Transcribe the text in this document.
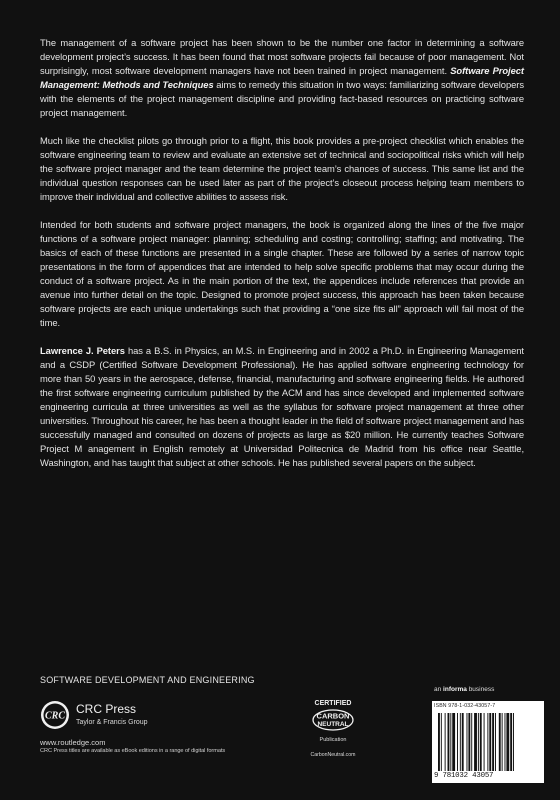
The management of a software project has been shown to be the number one factor in determining a software development project’s success. It has been found that most software projects fail because of poor management. Not surprisingly, most software development managers have not been trained in project management. Software Project Management: Methods and Techniques aims to remedy this situation in two ways: familiarizing software developers with the elements of the project management discipline and providing fact-based resources on practicing software project management.

Much like the checklist pilots go through prior to a flight, this book provides a pre-project checklist which enables the software engineering team to review and evaluate an extensive set of technical and sociopolitical risks which will help the software project manager and the team determine the project team’s chances of success. This same list and the individual question responses can be used later as part of the project’s closeout process helping team members to improve their individual and collective abilities to assess risk.

Intended for both students and software project managers, the book is organized along the lines of the five major functions of a software project manager: planning; scheduling and costing; controlling; staffing; and motivating. The basics of each of these functions are presented in a single chapter. These are followed by a series of narrow topic presentations in the form of appendices that are intended to help solve specific problems that may occur during the conduct of a software project. As in the main portion of the text, the appendices include references that provide an avenue into further detail on the topic. Designed to promote project success, this approach has been taken because software projects are each unique undertakings such that providing a “one size fits all” approach will fail most of the time.

Lawrence J. Peters has a B.S. in Physics, an M.S. in Engineering and in 2002 a Ph.D. in Engineering Management and a CSDP (Certified Software Development Professional). He has applied software engineering technology for more than 50 years in the aerospace, defense, financial, manufacturing and software engineering fields. He authored the first software engineering curriculum published by the ACM and has since developed and implemented software engineering curricula at three universities as well as the syllabus for software project management at three other universities. Throughout his career, he has been a thought leader in the field of software project management and has successfully managed and consulted on dozens of projects as large as $20 million. He currently teaches Software Project M anagement in English remotely at Universidad Politecnica de Madrid from his office near Seattle, Washington, and has taught that subject at other schools. He has published several papers on the subject.

SOFTWARE DEVELOPMENT AND ENGINEERING
CRC CRC Press
Taylor & Francis Group
www.routledge.com
CRC Press titles are available as eBook editions in a range of digital formats
CERTIFIED
CARBON
NEUTRAL
Publication
CarbonNeutral.com
an informa business
ISBN 978-1-032-43057-7
9 781032 43057
